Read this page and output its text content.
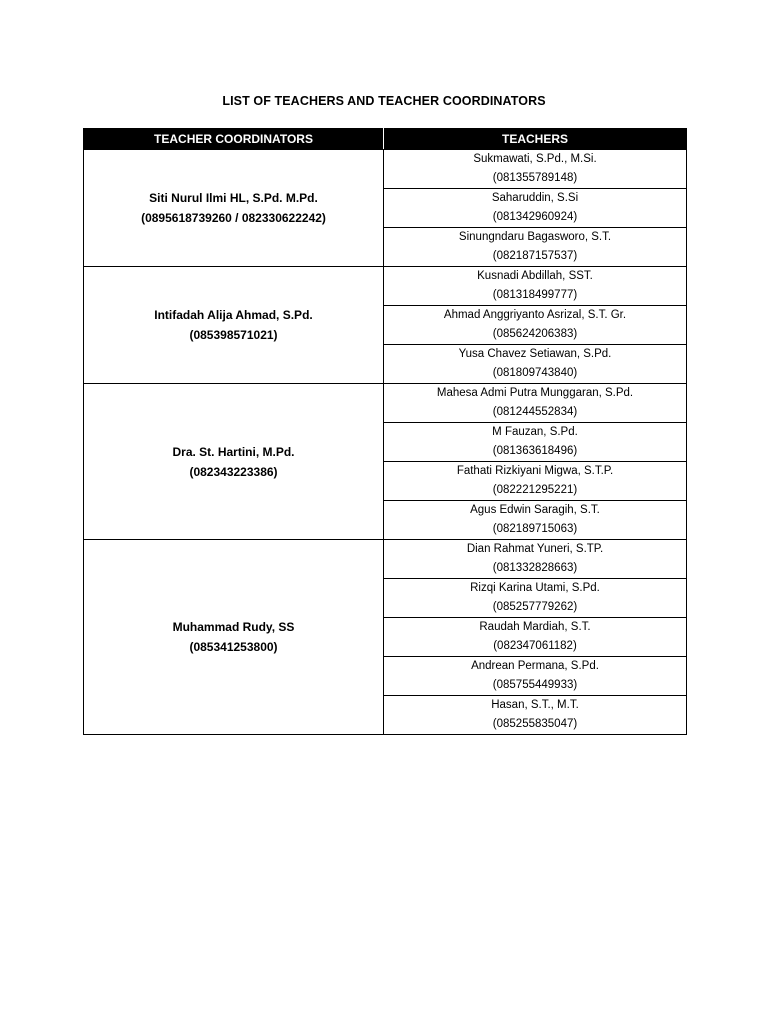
LIST OF TEACHERS AND TEACHER COORDINATORS
TEACHER COORDINATORS	TEACHERS

Siti Nurul Ilmi HL, S.Pd. M.Pd.
(0895618739260 / 082330622242)	Sukmawati, S.Pd., M.Si.
(081355789148)

	Saharuddin, S.Si
(081342960924)

	Sinungndaru Bagasworo, S.T.
(082187157537)

Intifadah Alija Ahmad, S.Pd.
(085398571021)	Kusnadi Abdillah, SST.
(081318499777)

	Ahmad Anggriyanto Asrizal, S.T. Gr.
(085624206383)

	Yusa Chavez Setiawan, S.Pd.
(081809743840)

Dra. St. Hartini, M.Pd.
(082343223386)	Mahesa Admi Putra Munggaran, S.Pd.
(081244552834)

	M Fauzan, S.Pd.
(081363618496)

	Fathati Rizkiyani Migwa, S.T.P.
(082221295221)

	Agus Edwin Saragih, S.T.
(082189715063)

Muhammad Rudy, SS
(085341253800)	Dian Rahmat Yuneri, S.TP.
(081332828663)

	Rizqi Karina Utami, S.Pd.
(085257779262)

	Raudah Mardiah, S.T.
(082347061182)

	Andrean Permana, S.Pd.
(085755449933)

	Hasan, S.T., M.T.
(085255835047)
